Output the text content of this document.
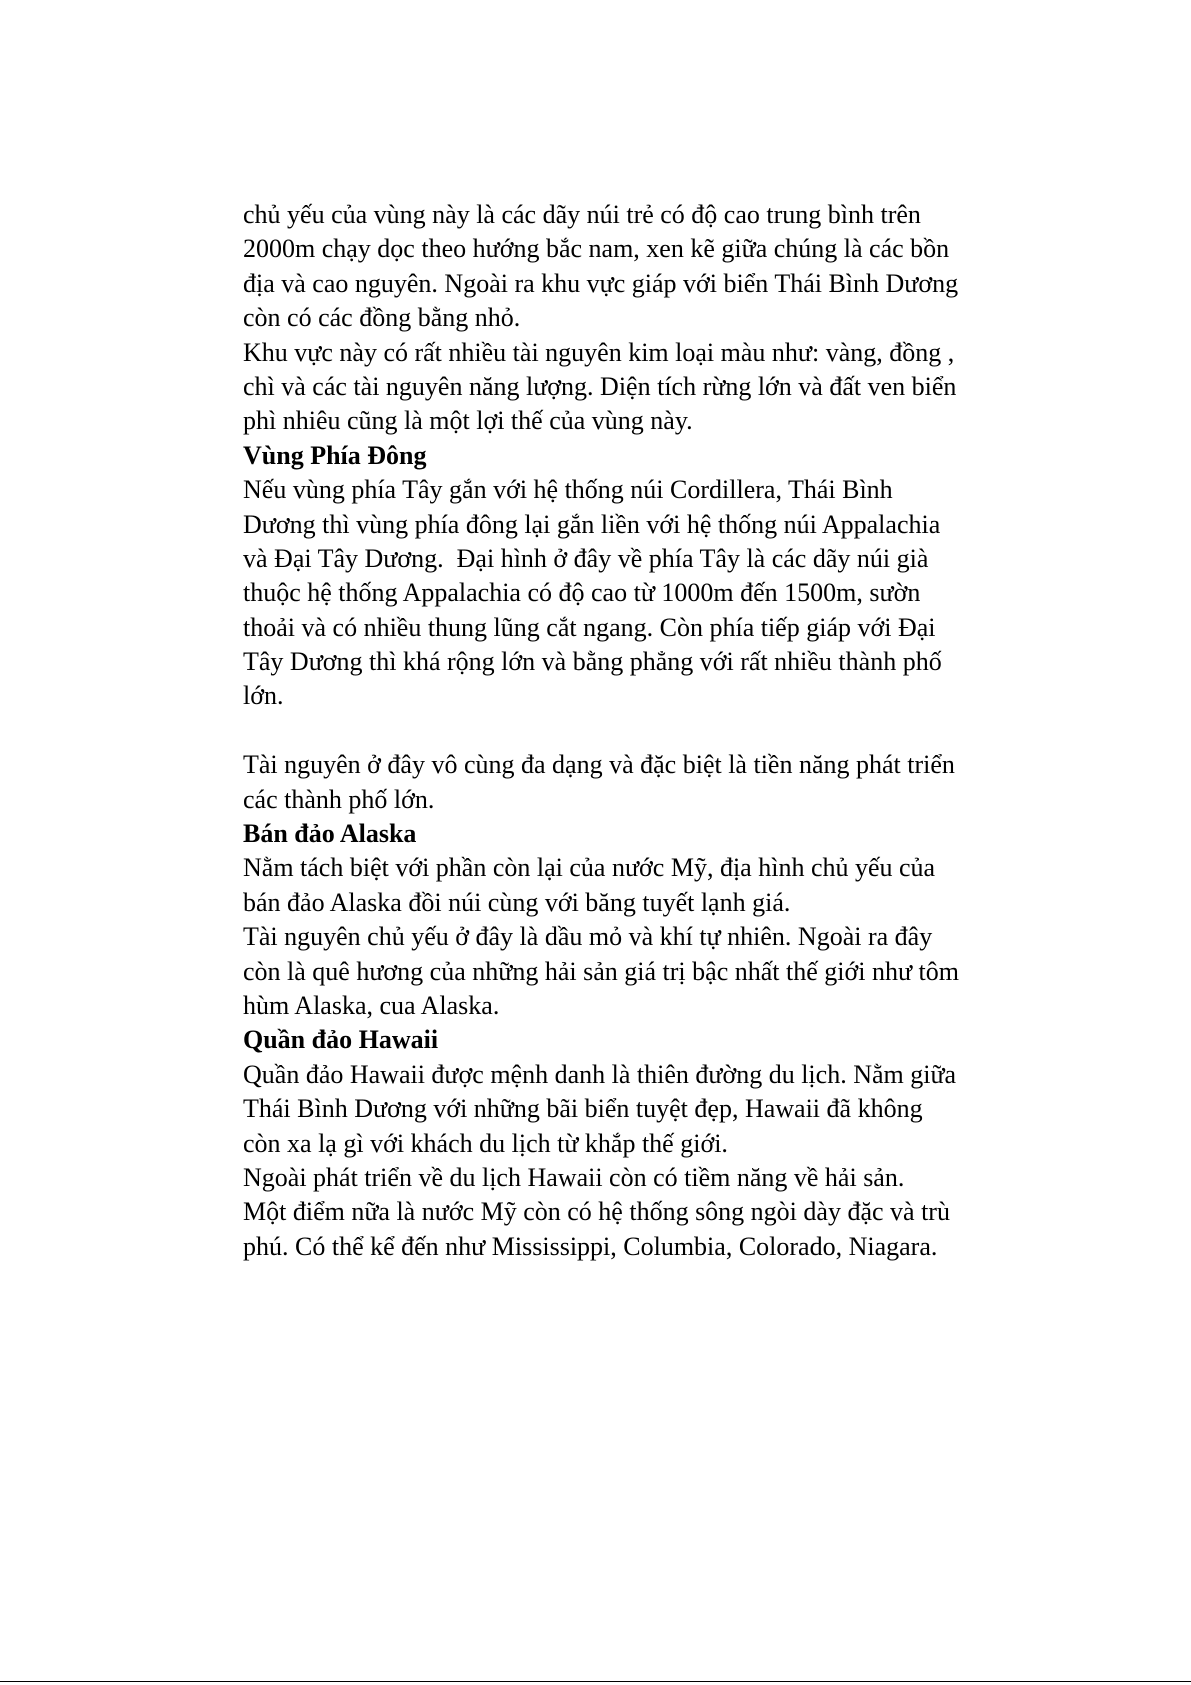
chủ yếu của vùng này là các dãy núi trẻ có độ cao trung bình trên
2000m chạy dọc theo hướng bắc nam, xen kẽ giữa chúng là các bồn
địa và cao nguyên. Ngoài ra khu vực giáp với biển Thái Bình Dương
còn có các đồng bằng nhỏ.
Khu vực này có rất nhiều tài nguyên kim loại màu như: vàng, đồng ,
chì và các tài nguyên năng lượng. Diện tích rừng lớn và đất ven biển
phì nhiêu cũng là một lợi thế của vùng này.
Vùng Phía Đông
Nếu vùng phía Tây gắn với hệ thống núi Cordillera, Thái Bình
Dương thì vùng phía đông lại gắn liền với hệ thống núi Appalachia
và Đại Tây Dương.  Đại hình ở đây về phía Tây là các dãy núi già
thuộc hệ thống Appalachia có độ cao từ 1000m đến 1500m, sườn
thoải và có nhiều thung lũng cắt ngang. Còn phía tiếp giáp với Đại
Tây Dương thì khá rộng lớn và bằng phẳng với rất nhiều thành phố
lớn.
Tài nguyên ở đây vô cùng đa dạng và đặc biệt là tiền năng phát triển
các thành phố lớn.
Bán đảo Alaska
Nằm tách biệt với phần còn lại của nước Mỹ, địa hình chủ yếu của
bán đảo Alaska đồi núi cùng với băng tuyết lạnh giá.
Tài nguyên chủ yếu ở đây là dầu mỏ và khí tự nhiên. Ngoài ra đây
còn là quê hương của những hải sản giá trị bậc nhất thế giới như tôm
hùm Alaska, cua Alaska.
Quần đảo Hawaii
Quần đảo Hawaii được mệnh danh là thiên đường du lịch. Nằm giữa
Thái Bình Dương với những bãi biển tuyệt đẹp, Hawaii đã không
còn xa lạ gì với khách du lịch từ khắp thế giới.
Ngoài phát triển về du lịch Hawaii còn có tiềm năng về hải sản.
Một điểm nữa là nước Mỹ còn có hệ thống sông ngòi dày đặc và trù
phú. Có thể kể đến như Mississippi, Columbia, Colorado, Niagara.
